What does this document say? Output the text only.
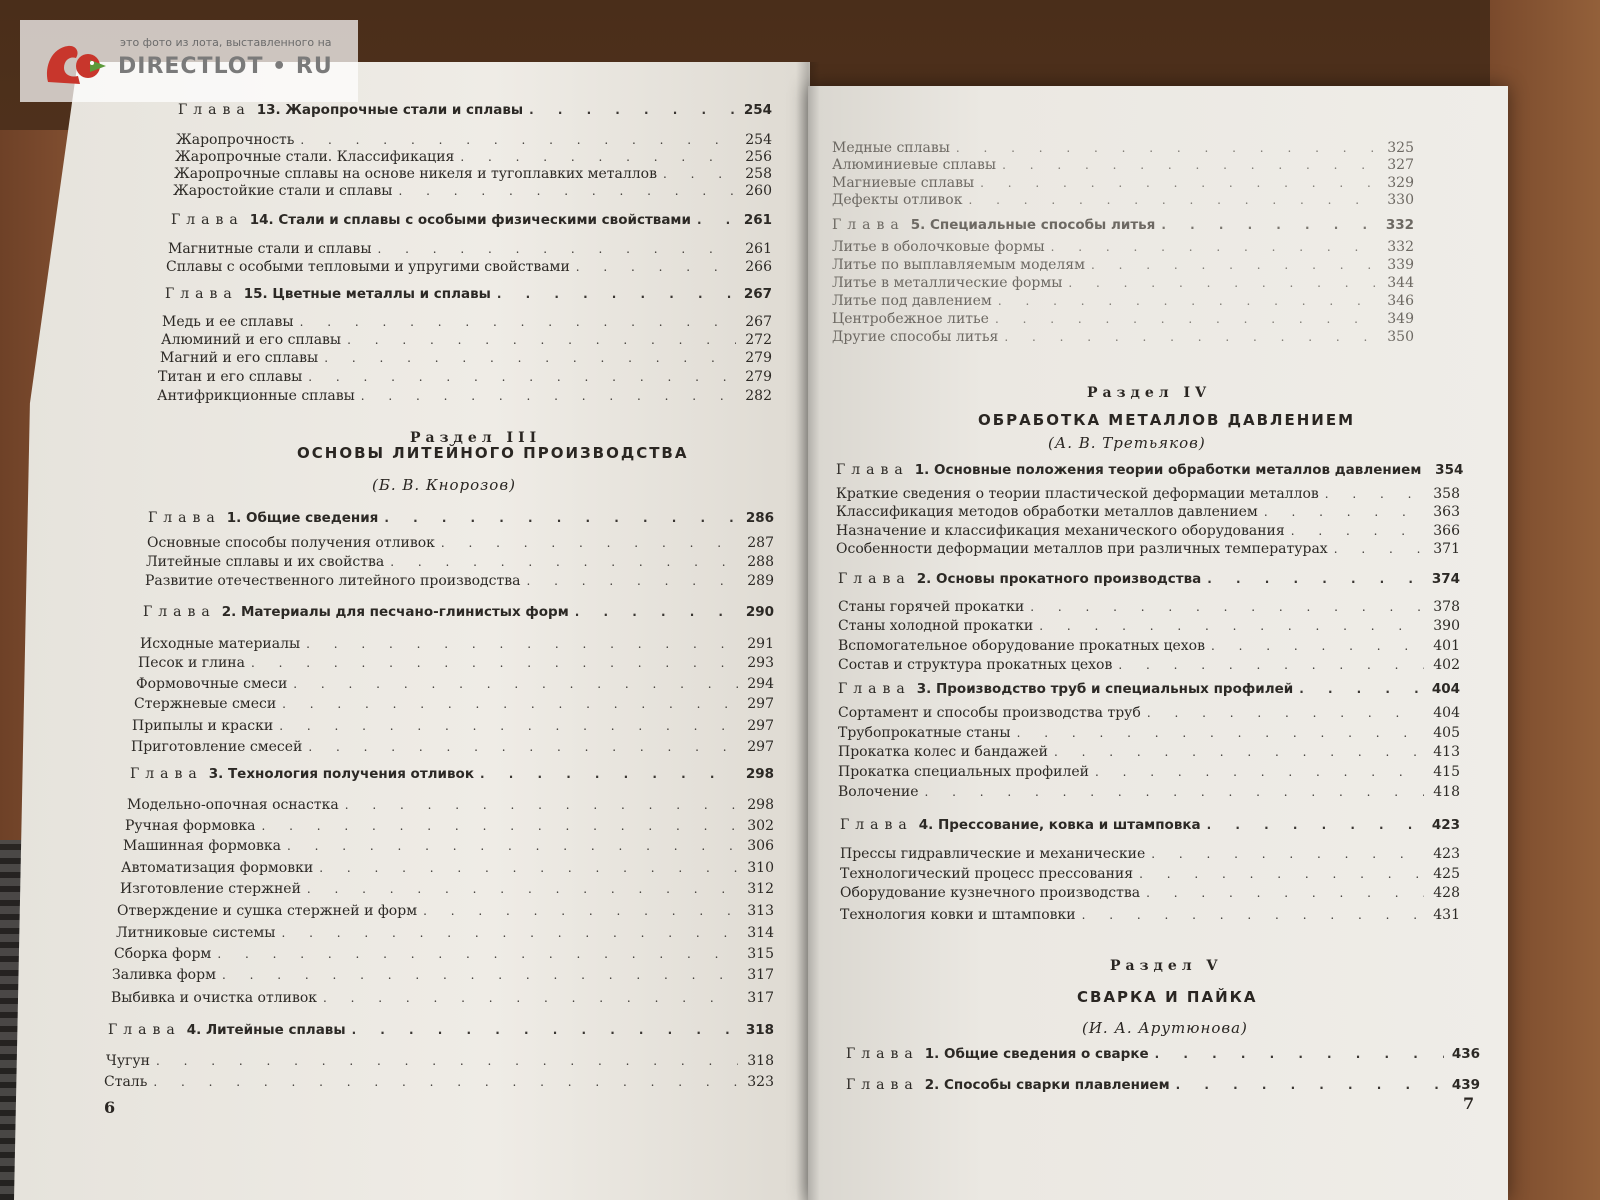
это фото из лота, выставленного на
DIRECTLOT • RU
Глава 13. Жаропрочные стали и сплавы . . .	254
Жаропрочность . . .	254
Жаропрочные стали. Классификация . . .	256
Жаропрочные сплавы на основе никеля и тугоплавких металлов . . .	258
Жаростойкие стали и сплавы . . .	260
Глава 14. Стали и сплавы с особыми физическими свойствами . . .	261
Магнитные стали и сплавы . . .	261
Сплавы с особыми тепловыми и упругими свойствами . . .	266
Глава 15. Цветные металлы и сплавы . . .	267
Медь и ее сплавы . . .	267
Алюминий и его сплавы . . .	272
Магний и его сплавы . . .	279
Титан и его сплавы . . .	279
Антифрикционные сплавы . . .	282
Раздел III
ОСНОВЫ ЛИТЕЙНОГО ПРОИЗВОДСТВА
(Б. В. Кнорозов)
Глава 1. Общие сведения . . .	286
Основные способы получения отливок . . .	287
Литейные сплавы и их свойства . . .	288
Развитие отечественного литейного производства . . .	289
Глава 2. Материалы для песчано-глинистых форм . . .	290
Исходные материалы . . .	291
Песок и глина . . .	293
Формовочные смеси . . .	294
Стержневые смеси . . .	297
Припылы и краски . . .	297
Приготовление смесей . . .	297
Глава 3. Технология получения отливок . . .	298
Модельно-опочная оснастка . . .	298
Ручная формовка . . .	302
Машинная формовка . . .	306
Автоматизация формовки . . .	310
Изготовление стержней . . .	312
Отверждение и сушка стержней и форм . . .	313
Литниковые системы . . .	314
Сборка форм . . .	315
Заливка форм . . .	317
Выбивка и очистка отливок . . .	317
Глава 4. Литейные сплавы . . .	318
Чугун . . .	318
Сталь . . .	323
6
Медные сплавы . . .	325
Алюминиевые сплавы . . .	327
Магниевые сплавы . . .	329
Дефекты отливок . . .	330
Глава 5. Специальные способы литья . . .	332
Литье в оболочковые формы . . .	332
Литье по выплавляемым моделям . . .	339
Литье в металлические формы . . .	344
Литье под давлением . . .	346
Центробежное литье . . .	349
Другие способы литья . . .	350
Раздел IV
ОБРАБОТКА МЕТАЛЛОВ ДАВЛЕНИЕМ
(А. В. Третьяков)
Глава 1. Основные положения теории обработки металлов давлением 354
Краткие сведения о теории пластической деформации металлов . . .	358
Классификация методов обработки металлов давлением . . .	363
Назначение и классификация механического оборудования . . .	366
Особенности деформации металлов при различных температурах . . .	371
Глава 2. Основы прокатного производства . . .	374
Станы горячей прокатки . . .	378
Станы холодной прокатки . . .	390
Вспомогательное оборудование прокатных цехов . . .	401
Состав и структура прокатных цехов . . .	402
Глава 3. Производство труб и специальных профилей . . .	404
Сортамент и способы производства труб . . .	404
Трубопрокатные станы . . .	405
Прокатка колес и бандажей . . .	413
Прокатка специальных профилей . . .	415
Волочение . . .	418
Глава 4. Прессование, ковка и штамповка . . .	423
Прессы гидравлические и механические . . .	423
Технологический процесс прессования . . .	425
Оборудование кузнечного производства . . .	428
Технология ковки и штамповки . . .	431
Раздел V
СВАРКА И ПАЙКА
(И. А. Арутюнова)
Глава 1. Общие сведения о сварке . . .	436
Глава 2. Способы сварки плавлением . . .	439
7
